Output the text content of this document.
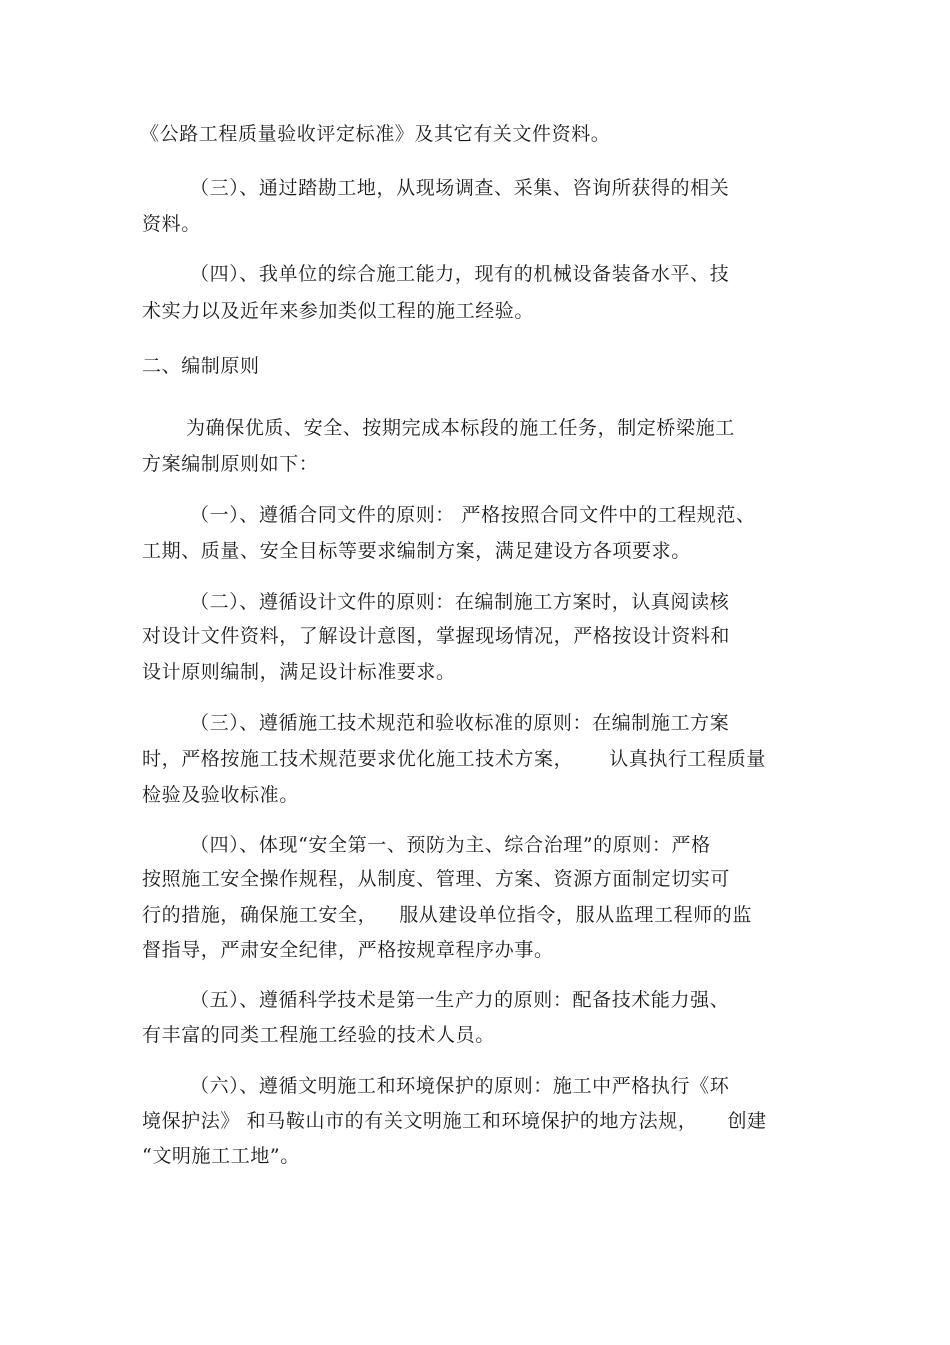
《公路工程质量验收评定标准》及其它有关文件资料。
（三）、通过踏勘工地，从现场调查、采集、咨询所获得的相关
资料。
（四）、我单位的综合施工能力，现有的机械设备装备水平、技
术实力以及近年来参加类似工程的施工经验。
二、编制原则
为确保优质、安全、按期完成本标段的施工任务，制定桥梁施工
方案编制原则如下：
（一）、遵循合同文件的原则： 严格按照合同文件中的工程规范、
工期、质量、安全目标等要求编制方案，满足建设方各项要求。
（二）、遵循设计文件的原则：在编制施工方案时，认真阅读核
对设计文件资料，了解设计意图，掌握现场情况，严格按设计资料和
设计原则编制，满足设计标准要求。
（三）、遵循施工技术规范和验收标准的原则：在编制施工方案
时，严格按施工技术规范要求优化施工技术方案， 认真执行工程质量
检验及验收标准。
（四）、体现“安全第一、预防为主、综合治理”的原则：严格
按照施工安全操作规程，从制度、管理、方案、资源方面制定切实可
行的措施，确保施工安全， 服从建设单位指令，服从监理工程师的监
督指导，严肃安全纪律，严格按规章程序办事。
（五）、遵循科学技术是第一生产力的原则：配备技术能力强、
有丰富的同类工程施工经验的技术人员。
（六）、遵循文明施工和环境保护的原则：施工中严格执行《环
境保护法》 和马鞍山市的有关文明施工和环境保护的地方法规， 创建
“文明施工工地”。
